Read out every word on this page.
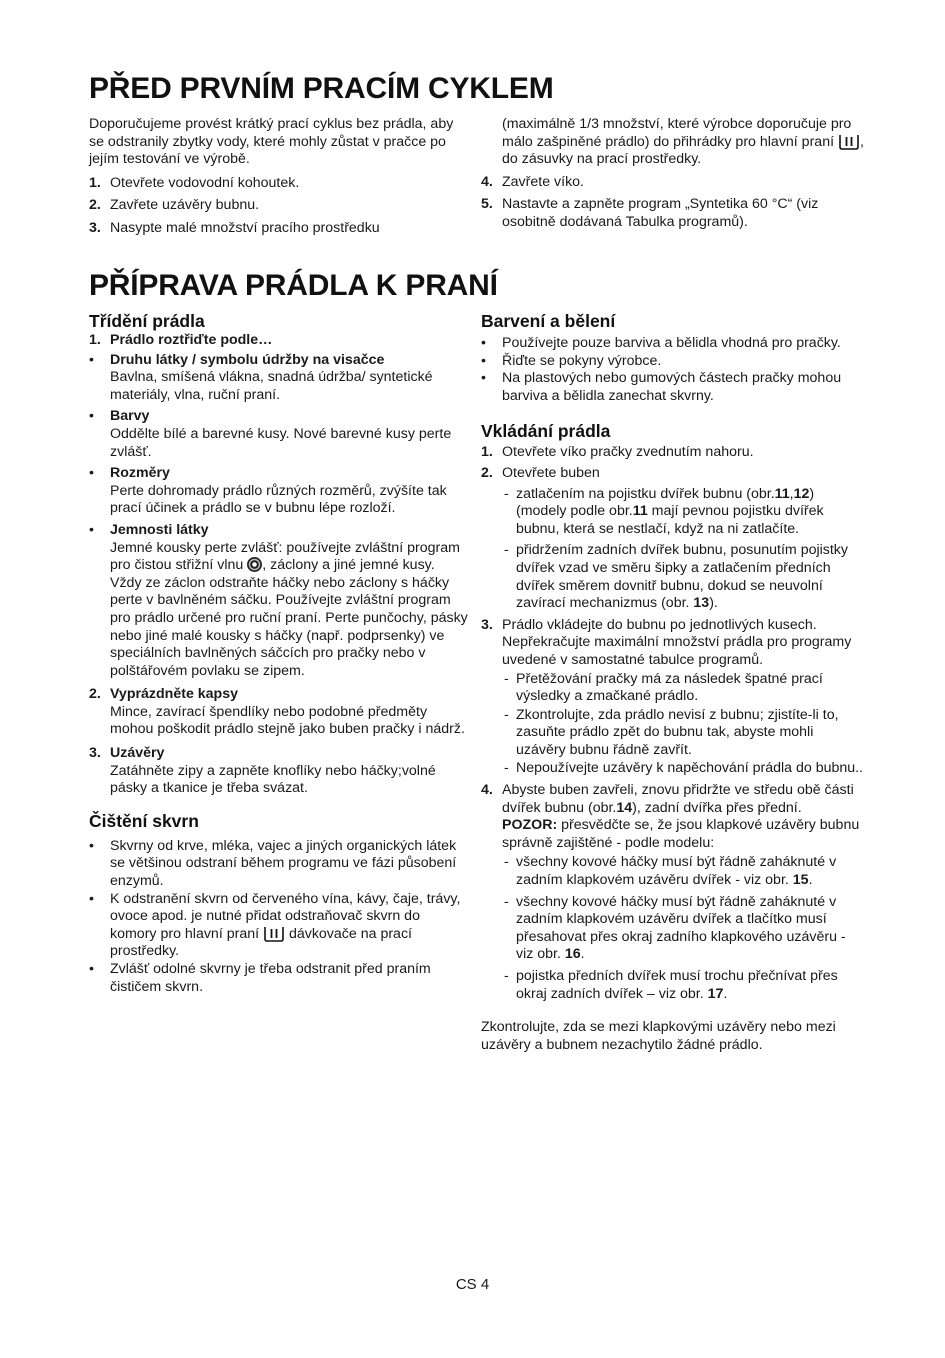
PŘED PRVNÍM PRACÍM CYKLEM

Doporučujeme provést krátký prací cyklus bez prádla, aby se odstranily zbytky vody, které mohly zůstat v pračce po jejím testování ve výrobě.

1. Otevřete vodovodní kohoutek.
2. Zavřete uzávěry bubnu.
3. Nasypte malé množství pracího prostředku
(maximálně 1/3 množství, které výrobce doporučuje pro málo zašpiněné prádlo) do přihrádky pro hlavní praní , do zásuvky na prací prostředky.
4. Zavřete víko.
5. Nastavte a zapněte program „Syntetika 60 °C“ (viz osobitně dodávaná Tabulka programů).
PŘÍPRAVA PRÁDLA K PRANÍ
Třídění prádla
1. Prádlo roztřiďte podle…
• Druhu látky / symbolu údržby na visačce
Bavlna, smíšená vlákna, snadná údržba/ syntetické materiály, vlna, ruční praní.
• Barvy
Oddělte bílé a barevné kusy. Nové barevné kusy perte zvlášť.
• Rozměry
Perte dohromady prádlo různých rozměrů, zvýšíte tak prací účinek a prádlo se v bubnu lépe rozloží.
• Jemnosti látky
Jemné kousky perte zvlášť: používejte zvláštní program pro čistou střižní vlnu , záclony a jiné jemné kusy. Vždy ze záclon odstraňte háčky nebo záclony s háčky perte v bavlněném sáčku. Používejte zvláštní program pro prádlo určené pro ruční praní. Perte punčochy, pásky nebo jiné malé kousky s háčky (např. podprsenky) ve speciálních bavlněných sáčcích pro pračky nebo v polštářovém povlaku se zipem.
2. Vyprázdněte kapsy
Mince, zavírací špendlíky nebo podobné předměty mohou poškodit prádlo stejně jako buben pračky i nádrž.
3. Uzávěry
Zatáhněte zipy a zapněte knoflíky nebo háčky;volné pásky a tkanice je třeba svázat.
Čištění skvrn
• Skvrny od krve, mléka, vajec a jiných organických látek se většinou odstraní během programu ve fázi působení enzymů.
• K odstranění skvrn od červeného vína, kávy, čaje, trávy, ovoce apod. je nutné přidat odstraňovač skvrn do komory pro hlavní praní dávkovače na prací prostředky.
• Zvlášť odolné skvrny je třeba odstranit před praním čističem skvrn.
Barvení a bělení
• Používejte pouze barviva a bělidla vhodná pro pračky.
• Řiďte se pokyny výrobce.
• Na plastových nebo gumových částech pračky mohou barviva a bělidla zanechat skvrny.
Vkládání prádla
1. Otevřete víko pračky zvednutím nahoru.
2. Otevřete buben
- zatlačením na pojistku dvířek bubnu (obr.11,12) (modely podle obr.11 mají pevnou pojistku dvířek bubnu, která se nestlačí, když na ni zatlačíte.
- přidržením zadních dvířek bubnu, posunutím pojistky dvířek vzad ve směru šipky a zatlačením předních dvířek směrem dovnitř bubnu, dokud se neuvolní zavírací mechanizmus (obr. 13).
3. Prádlo vkládejte do bubnu po jednotlivých kusech. Nepřekračujte maximální množství prádla pro programy uvedené v samostatné tabulce programů.
- Přetěžování pračky má za následek špatné prací výsledky a zmačkané prádlo.
- Zkontrolujte, zda prádlo nevisí z bubnu; zjistíte-li to, zasuňte prádlo zpět do bubnu tak, abyste mohli uzávěry bubnu řádně zavřít.
- Nepoužívejte uzávěry k napěchování prádla do bubnu..
4. Abyste buben zavřeli, znovu přidržte ve středu obě části dvířek bubnu (obr.14), zadní dvířka přes přední.
POZOR: přesvědčte se, že jsou klapkové uzávěry bubnu správně zajištěné - podle modelu:
- všechny kovové háčky musí být řádně zaháknuté v zadním klapkovém uzávěru dvířek - viz obr. 15.
- všechny kovové háčky musí být řádně zaháknuté v zadním klapkovém uzávěru dvířek a tlačítko musí přesahovat přes okraj zadního klapkového uzávěru - viz obr. 16.
- pojistka předních dvířek musí trochu přečnívat přes okraj zadních dvířek – viz obr. 17.

Zkontrolujte, zda se mezi klapkovými uzávěry nebo mezi uzávěry a bubnem nezachytilo žádné prádlo.

CS 4
